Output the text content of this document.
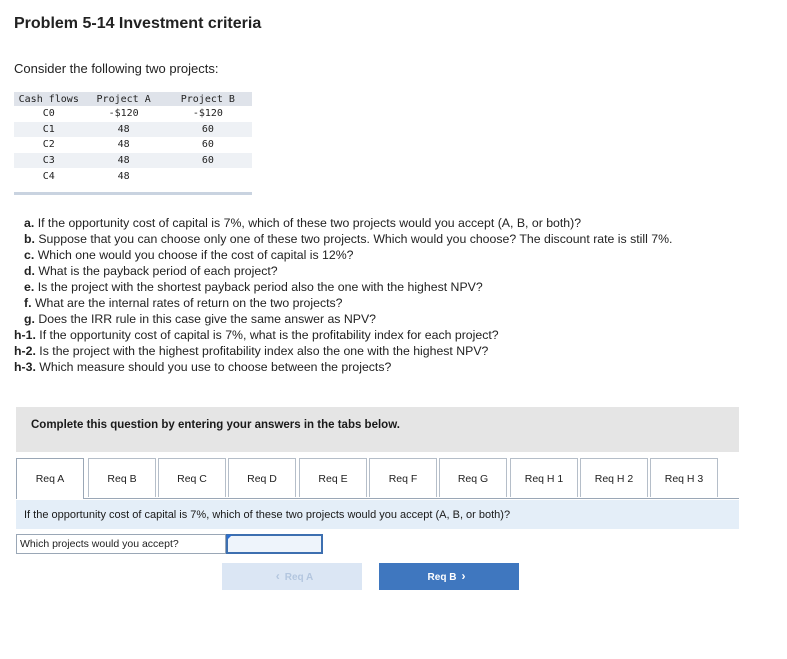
Problem 5-14 Investment criteria
Consider the following two projects:
Cash flows	Project A	Project B
C0	-$120	-$120
C1	48	60
C2	48	60
C3	48	60
C4	48	
a. If the opportunity cost of capital is 7%, which of these two projects would you accept (A, B, or both)?
b. Suppose that you can choose only one of these two projects. Which would you choose? The discount rate is still 7%.
c. Which one would you choose if the cost of capital is 12%?
d. What is the payback period of each project?
e. Is the project with the shortest payback period also the one with the highest NPV?
f. What are the internal rates of return on the two projects?
g. Does the IRR rule in this case give the same answer as NPV?
h-1. If the opportunity cost of capital is 7%, what is the profitability index for each project?
h-2. Is the project with the highest profitability index also the one with the highest NPV?
h-3. Which measure should you use to choose between the projects?
Complete this question by entering your answers in the tabs below.
Req A	Req B	Req C	Req D	Req E	Req F	Req G	Req H 1	Req H 2	Req H 3
If the opportunity cost of capital is 7%, which of these two projects would you accept (A, B, or both)?
Which projects would you accept?
‹ Req A	Req B ›
